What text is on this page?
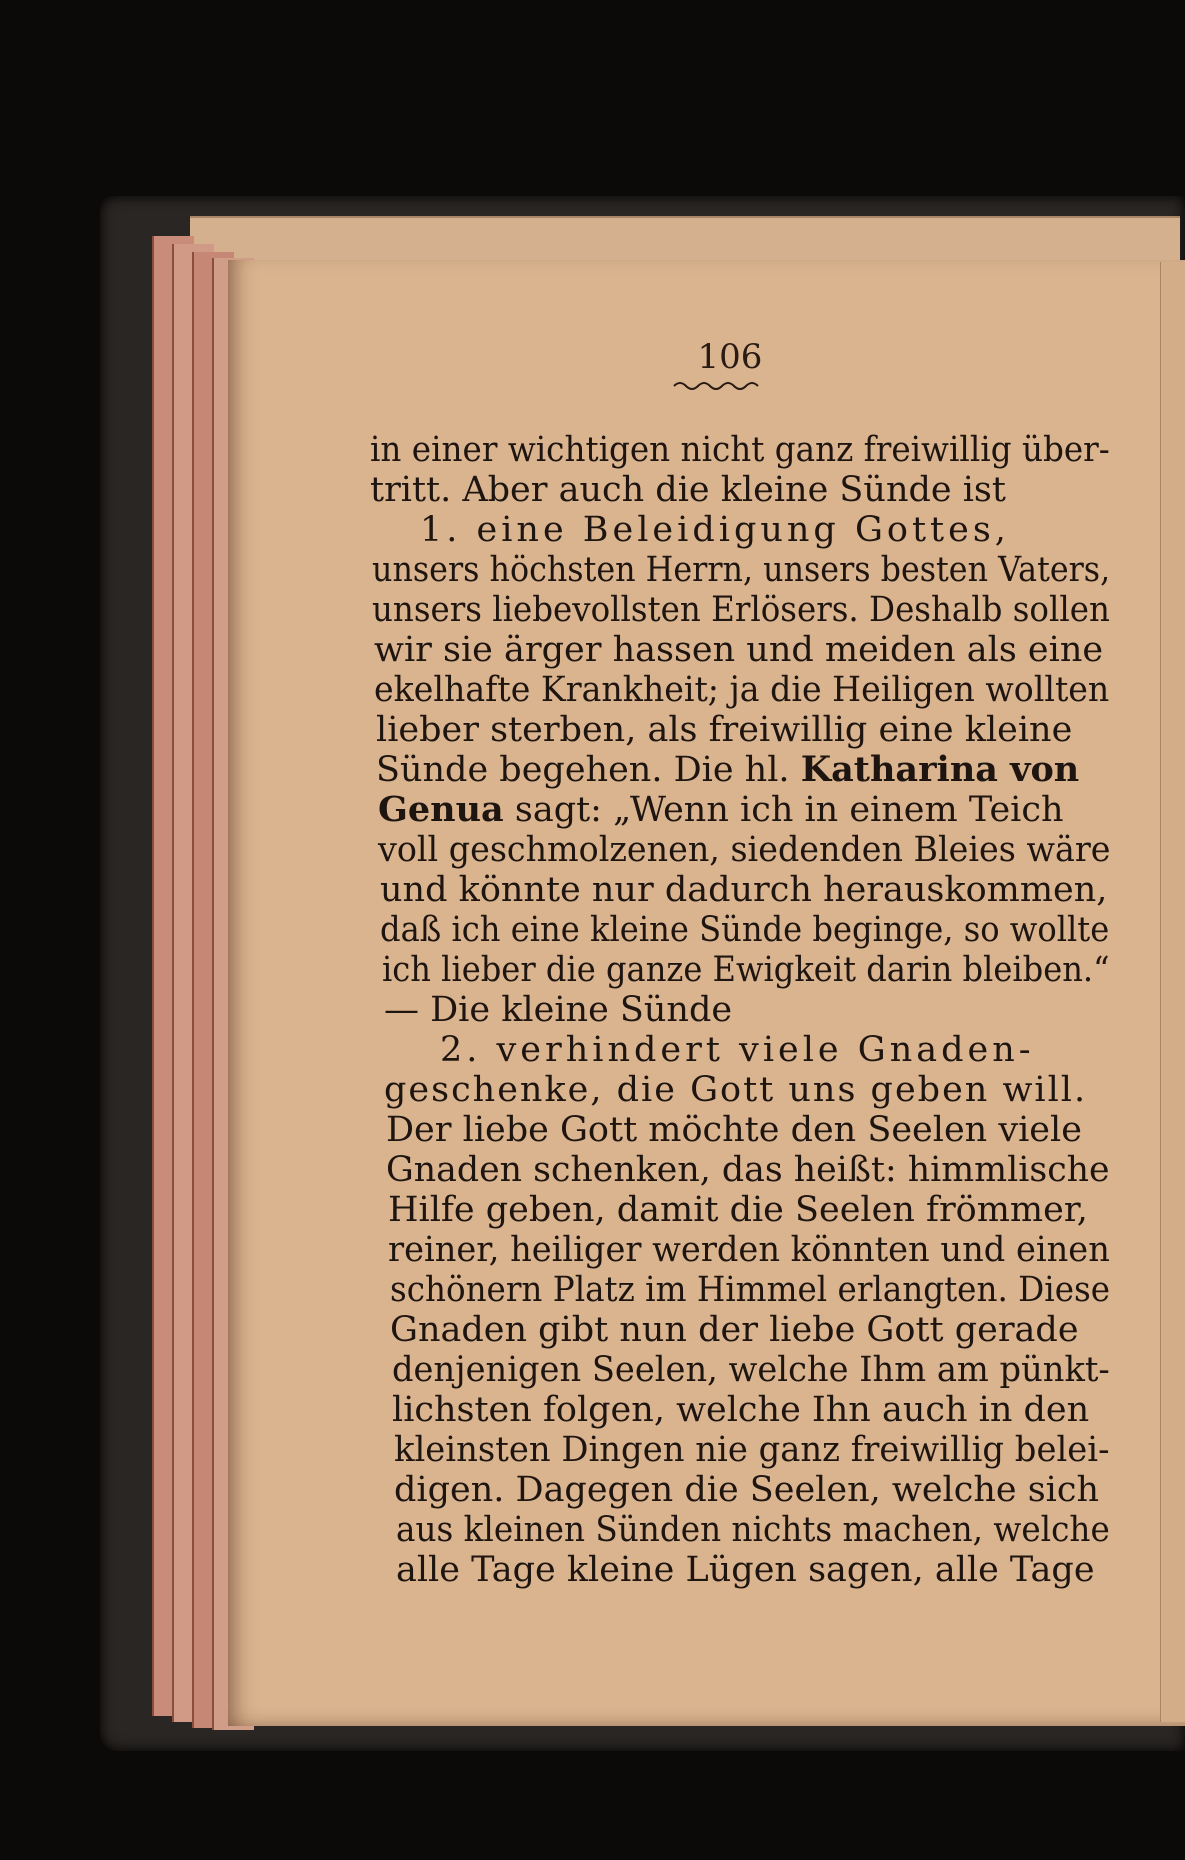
106
in einer wichtigen nicht ganz freiwillig über-
tritt. Aber auch die kleine Sünde ist
1. eine Beleidigung Gottes,
unsers höchsten Herrn, unsers besten Vaters,
unsers liebevollsten Erlösers. Deshalb sollen
wir sie ärger hassen und meiden als eine
ekelhafte Krankheit; ja die Heiligen wollten
lieber sterben, als freiwillig eine kleine
Sünde begehen. Die hl. Katharina von
Genua sagt: „Wenn ich in einem Teich
voll geschmolzenen, siedenden Bleies wäre
und könnte nur dadurch herauskommen,
daß ich eine kleine Sünde beginge, so wollte
ich lieber die ganze Ewigkeit darin bleiben.“
— Die kleine Sünde
2. verhindert viele Gnaden-
geschenke, die Gott uns geben will.
Der liebe Gott möchte den Seelen viele
Gnaden schenken, das heißt: himmlische
Hilfe geben, damit die Seelen frömmer,
reiner, heiliger werden könnten und einen
schönern Platz im Himmel erlangten. Diese
Gnaden gibt nun der liebe Gott gerade
denjenigen Seelen, welche Ihm am pünkt-
lichsten folgen, welche Ihn auch in den
kleinsten Dingen nie ganz freiwillig belei-
digen. Dagegen die Seelen, welche sich
aus kleinen Sünden nichts machen, welche
alle Tage kleine Lügen sagen, alle Tage
